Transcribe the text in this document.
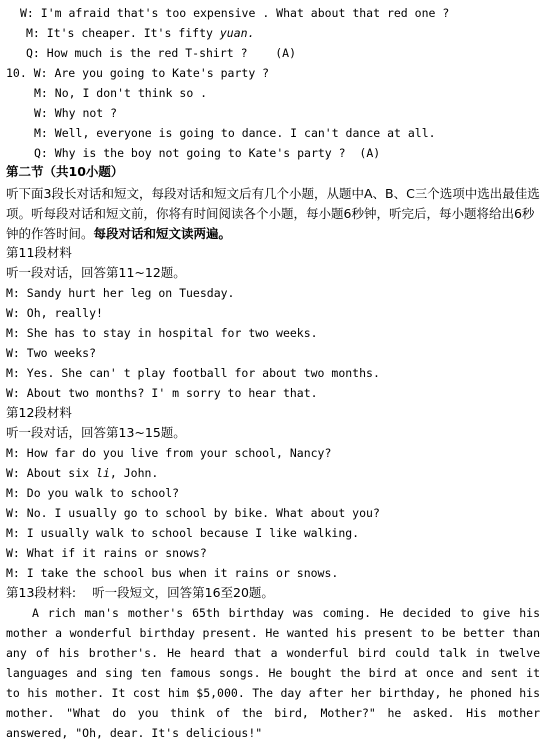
W: I'm afraid that's too expensive . What about that red one ?
M: It's cheaper. It's fifty yuan.
Q: How much is the red T-shirt ?    (A)
10. W: Are you going to Kate's party ?
M: No, I don't think so .
W: Why not ?
M: Well, everyone is going to dance. I can't dance at all.
Q: Why is the boy not going to Kate's party ?  (A)
第二节（共10小题）
听下面3段长对话和短文，每段对话和短文后有几个小题，从题中A、B、C三个选项中选出最佳选项。听每段对话和短文前，你将有时间阅读各个小题，每小题6秒钟，听完后，每小题将给出6秒钟的作答时间。每段对话和短文读两遍。
第11段材料
听一段对话，回答第11~12题。
M: Sandy hurt her leg on Tuesday.
W: Oh, really!
M: She has to stay in hospital for two weeks.
W: Two weeks?
M: Yes. She can' t play football for about two months.
W: About two months? I' m sorry to hear that.
第12段材料
听一段对话，回答第13~15题。
M: How far do you live from your school, Nancy?
W: About six li, John.
M: Do you walk to school?
W: No. I usually go to school by bike. What about you?
M: I usually walk to school because I like walking.
W: What if it rains or snows?
M: I take the school bus when it rains or snows.
第13段材料: 听一段短文，回答第16至20题。
A rich man's mother's 65th birthday was coming. He decided to give his mother a wonderful birthday present. He wanted his present to be better than any of his brother's. He heard that a wonderful bird could talk in twelve languages and sing ten famous songs. He bought the bird at once and sent it to his mother. It cost him $5,000. The day after her birthday, he phoned his mother. "What do you think of the bird, Mother?" he asked. His mother answered, "Oh, dear. It's delicious!"
